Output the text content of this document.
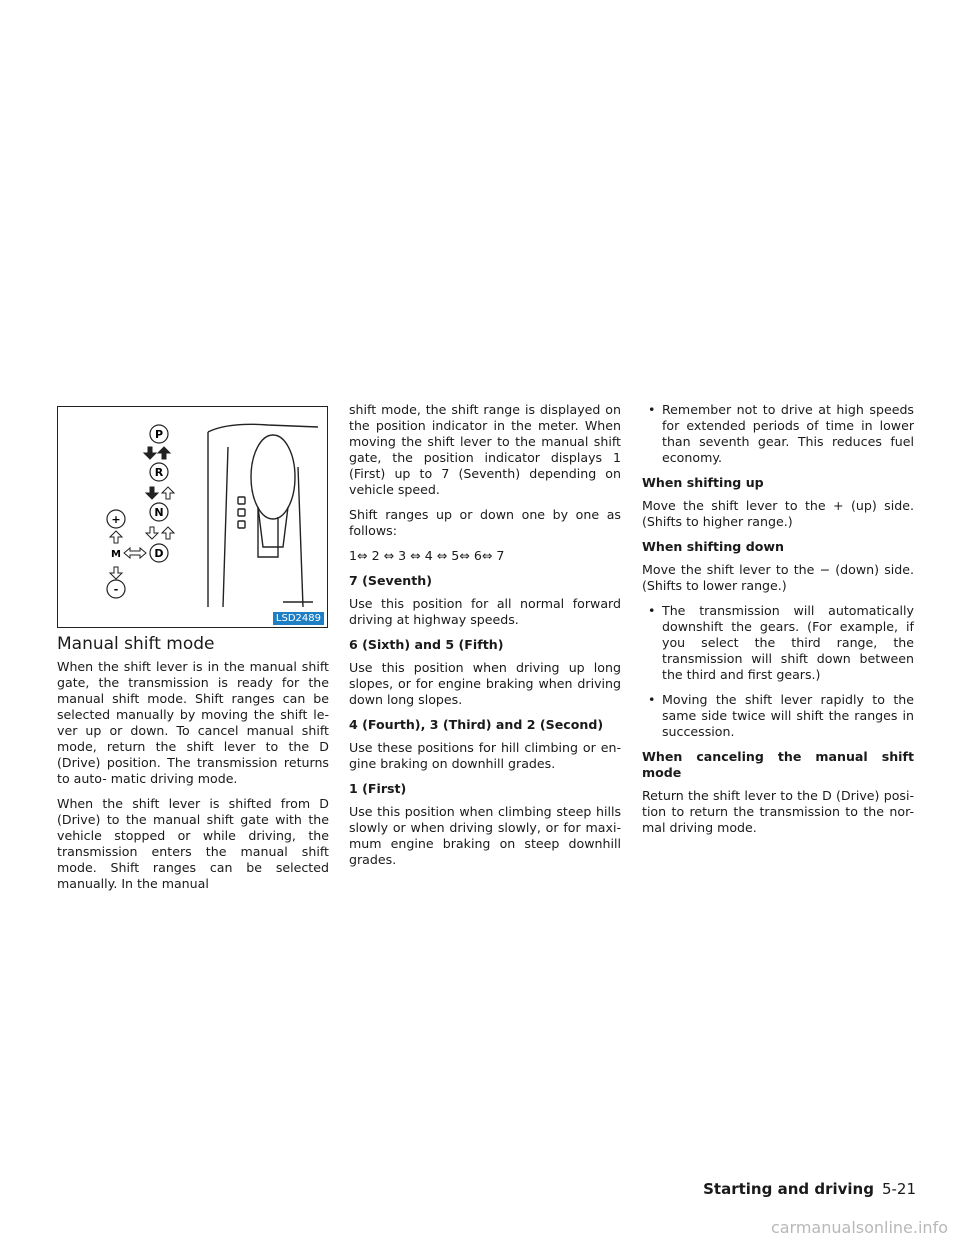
P
R
N
D
+
M
-
LSD2489
Manual shift mode

When the shift lever is in the manual shift gate, the transmission is ready for the manual shift mode. Shift ranges can be selected manually by moving the shift le- ver up or down. To cancel manual shift mode, return the shift lever to the D (Drive) position. The transmission returns to auto- matic driving mode.

When the shift lever is shifted from D (Drive) to the manual shift gate with the vehicle stopped or while driving, the transmission enters the manual shift mode. Shift ranges can be selected manually. In the manual

shift mode, the shift range is displayed on the position indicator in the meter. When moving the shift lever to the manual shift gate, the position indicator displays 1 (First) up to 7 (Seventh) depending on vehicle speed.

Shift ranges up or down one by one as follows:

1⇔ 2 ⇔ 3 ⇔ 4 ⇔ 5⇔ 6⇔ 7

7 (Seventh)

Use this position for all normal forward driving at highway speeds.

6 (Sixth) and 5 (Fifth)

Use this position when driving up long slopes, or for engine braking when driving down long slopes.

4 (Fourth), 3 (Third) and 2 (Second)

Use these positions for hill climbing or en- gine braking on downhill grades.

1 (First)

Use this position when climbing steep hills slowly or when driving slowly, or for maxi- mum engine braking on steep downhill grades.

• Remember not to drive at high speeds for extended periods of time in lower than seventh gear. This reduces fuel economy.

When shifting up

Move the shift lever to the + (up) side. (Shifts to higher range.)

When shifting down

Move the shift lever to the − (down) side. (Shifts to lower range.)

• The transmission will automatically downshift the gears. (For example, if you select the third range, the transmission will shift down between the third and first gears.)
• Moving the shift lever rapidly to the same side twice will shift the ranges in succession.

When canceling the manual shift mode

Return the shift lever to the D (Drive) posi- tion to return the transmission to the nor- mal driving mode.

Starting and driving 5-21
carmanualsonline.info
